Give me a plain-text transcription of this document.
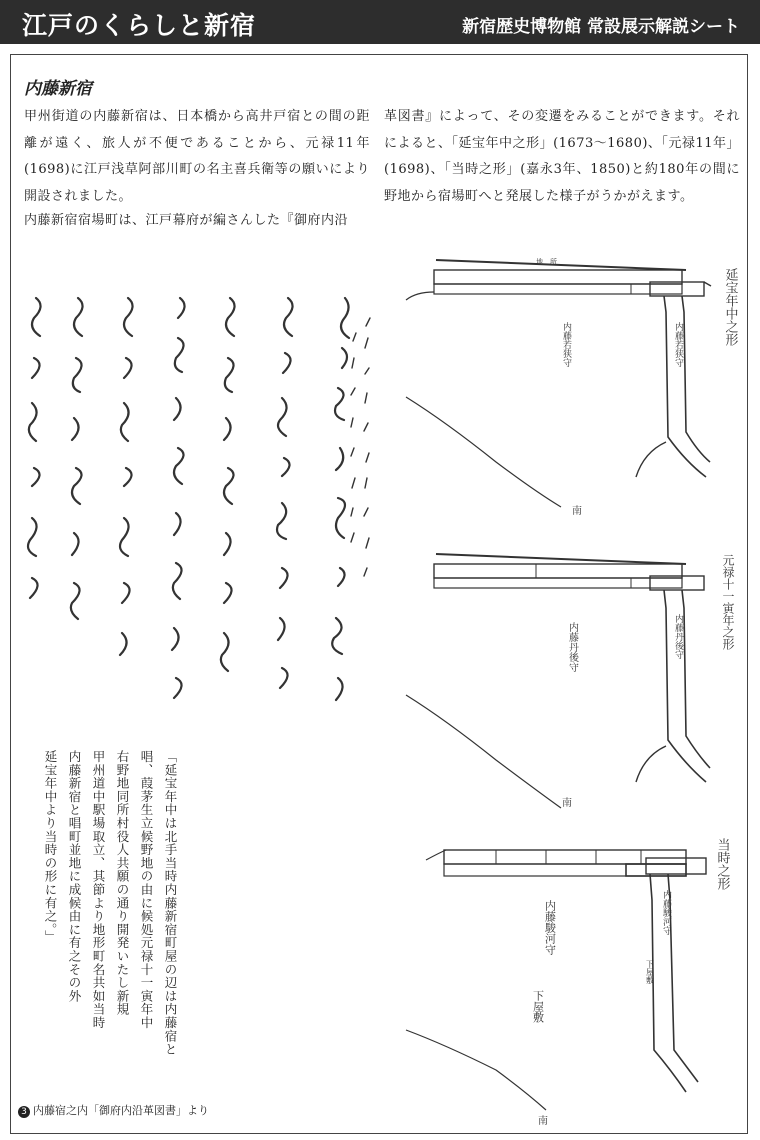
江戸のくらしと新宿	新宿歴史博物館 常設展示解説シート
内藤新宿

甲州街道の内藤新宿は、日本橋から高井戸宿との間の距離が遠く、旅人が不便であることから、元禄11年(1698)に江戸浅草阿部川町の名主喜兵衛等の願いにより開設されました。

内藤新宿宿場町は、江戸幕府が編さんした『御府内沿

革図書』によって、その変遷をみることができます。それによると、「延宝年中之形」(1673〜1680)、「元禄11年」(1698)、「当時之形」(嘉永3年、1850)と約180年の間に野地から宿場町へと発展した様子がうかがえます。

「延宝年中は北手当時内藤新宿町屋の辺は内藤宿と
唱、葭茅生立候野地の由に候処元禄十一寅年中
右野地同所村役人共願の通り開発いたし新規
甲州道中駅場取立、其節より地形町名共如当時
内藤新宿と唱町並地に成候由に有之その外
延宝年中より当時の形に有之。」
3 内藤宿之内「御府内沿革図書」より
地　所
内藤若狭守	内藤若狭守	延宝年中之形
南
内藤丹後守	内藤丹後守	元禄十一寅年之形
南
内藤駿河守
下屋敷
内藤駿河守
下屋敷
当時之形
南
